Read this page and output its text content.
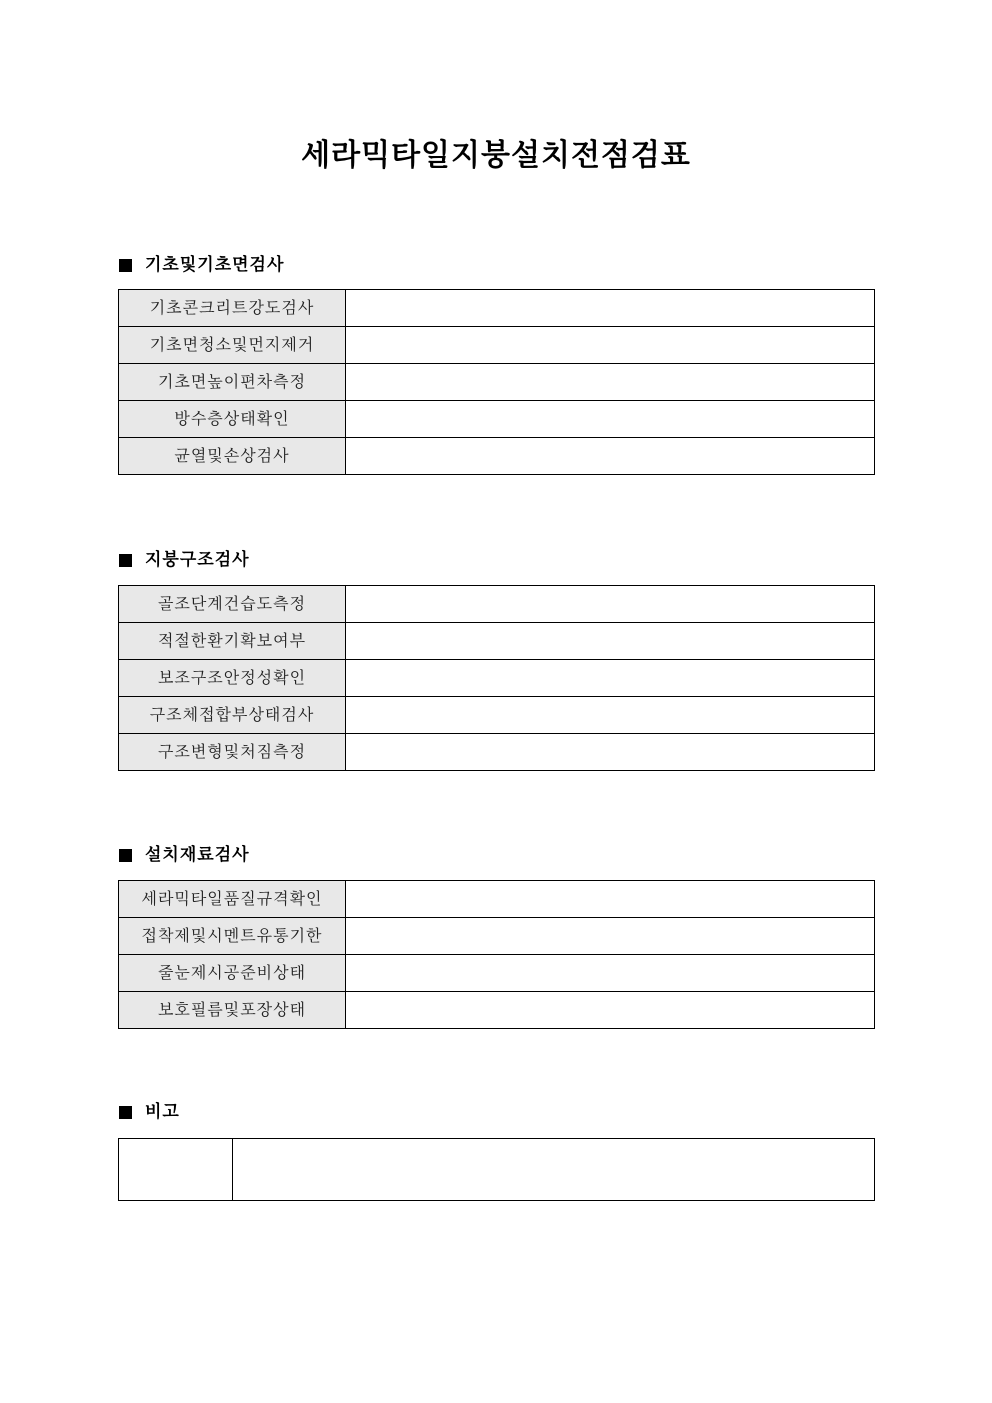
세라믹타일지붕설치전점검표
기초및기초면검사
기초콘크리트강도검사	
기초면청소및먼지제거	
기초면높이편차측정	
방수층상태확인	
균열및손상검사	
지붕구조검사
골조단계건습도측정	
적절한환기확보여부	
보조구조안정성확인	
구조체접합부상태검사	
구조변형및처짐측정	
설치재료검사
세라믹타일품질규격확인	
접착제및시멘트유통기한	
줄눈제시공준비상태	
보호필름및포장상태	
비고
